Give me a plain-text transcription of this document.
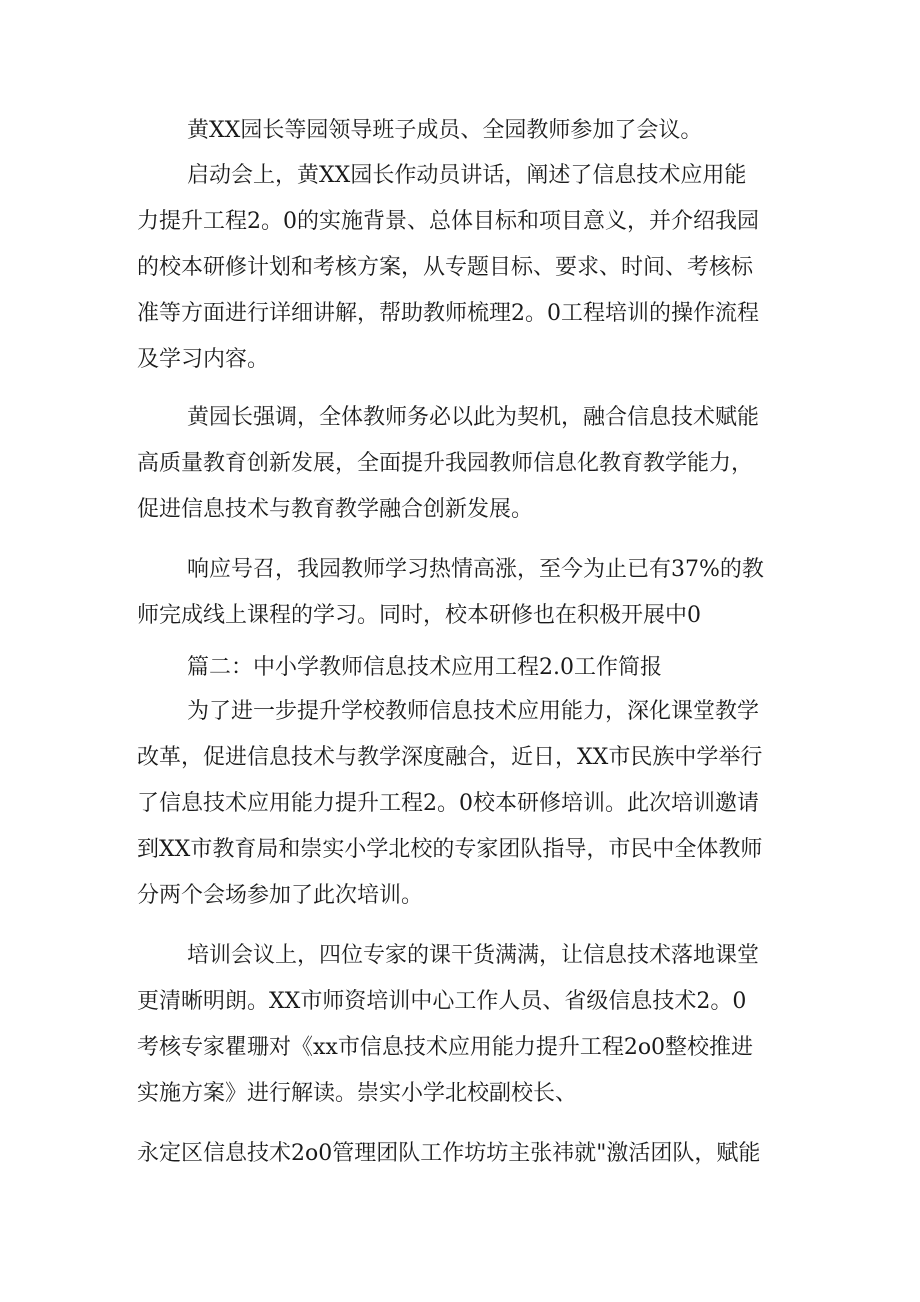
黄XX园长等园领导班子成员、全园教师参加了会议。
启动会上，黄XX园长作动员讲话，阐述了信息技术应用能
力提升工程2。0的实施背景、总体目标和项目意义，并介绍我园
的校本研修计划和考核方案，从专题目标、要求、时间、考核标
准等方面进行详细讲解，帮助教师梳理2。0工程培训的操作流程
及学习内容。
黄园长强调，全体教师务必以此为契机，融合信息技术赋能
高质量教育创新发展，全面提升我园教师信息化教育教学能力，
促进信息技术与教育教学融合创新发展。
响应号召，我园教师学习热情高涨，至今为止已有37%的教
师完成线上课程的学习。同时，校本研修也在积极开展中0
篇二：中小学教师信息技术应用工程2.0工作简报
为了进一步提升学校教师信息技术应用能力，深化课堂教学
改革，促进信息技术与教学深度融合，近日，XX市民族中学举行
了信息技术应用能力提升工程2。0校本研修培训。此次培训邀请
到XX市教育局和崇实小学北校的专家团队指导，市民中全体教师
分两个会场参加了此次培训。
培训会议上，四位专家的课干货满满，让信息技术落地课堂
更清晰明朗。XX市师资培训中心工作人员、省级信息技术2。0
考核专家瞿珊对《xx市信息技术应用能力提升工程2o0整校推进
实施方案》进行解读。崇实小学北校副校长、
永定区信息技术2o0管理团队工作坊坊主张祎就"激活团队，赋能
